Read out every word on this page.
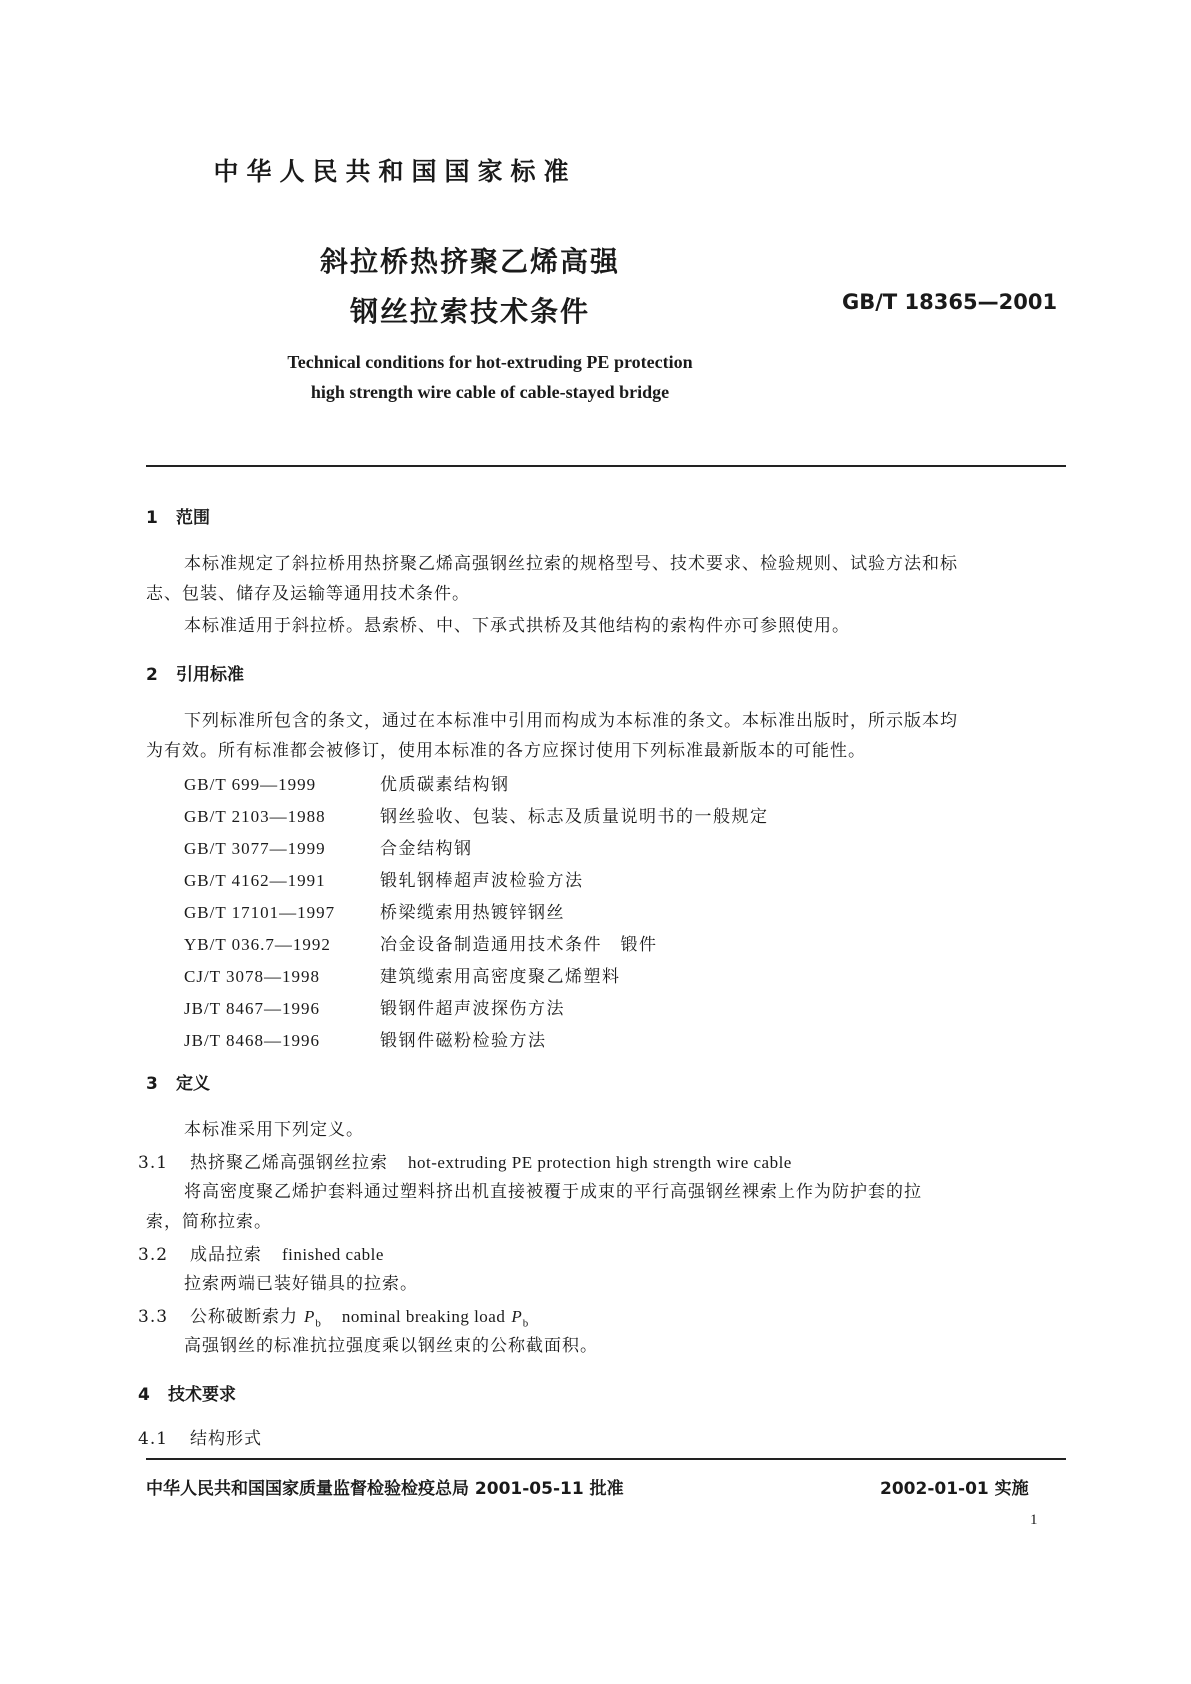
中华人民共和国国家标准
斜拉桥热挤聚乙烯高强
钢丝拉索技术条件	GB/T 18365—2001
Technical conditions for hot-extruding PE protection
high strength wire cable of cable-stayed bridge
1 范围
本标准规定了斜拉桥用热挤聚乙烯高强钢丝拉索的规格型号、技术要求、检验规则、试验方法和标
志、包装、储存及运输等通用技术条件。
本标准适用于斜拉桥。悬索桥、中、下承式拱桥及其他结构的索构件亦可参照使用。
2 引用标准
下列标准所包含的条文，通过在本标准中引用而构成为本标准的条文。本标准出版时，所示版本均
为有效。所有标准都会被修订，使用本标准的各方应探讨使用下列标准最新版本的可能性。
GB/T 699—1999	优质碳素结构钢
GB/T 2103—1988	钢丝验收、包装、标志及质量说明书的一般规定
GB/T 3077—1999	合金结构钢
GB/T 4162—1991	锻轧钢棒超声波检验方法
GB/T 17101—1997	桥梁缆索用热镀锌钢丝
YB/T 036.7—1992	冶金设备制造通用技术条件　锻件
CJ/T 3078—1998	建筑缆索用高密度聚乙烯塑料
JB/T 8467—1996	锻钢件超声波探伤方法
JB/T 8468—1996	锻钢件磁粉检验方法
3 定义
本标准采用下列定义。
3.1 热挤聚乙烯高强钢丝拉索 hot-extruding PE protection high strength wire cable
将高密度聚乙烯护套料通过塑料挤出机直接被覆于成束的平行高强钢丝裸索上作为防护套的拉
索，简称拉索。
3.2 成品拉索 finished cable
拉索两端已装好锚具的拉索。
3.3 公称破断索力 $P_b$ nominal breaking load $P_b$
高强钢丝的标准抗拉强度乘以钢丝束的公称截面积。
4 技术要求
4.1 结构形式
中华人民共和国国家质量监督检验检疫总局 2001-05-11 批准	2002-01-01 实施
1
